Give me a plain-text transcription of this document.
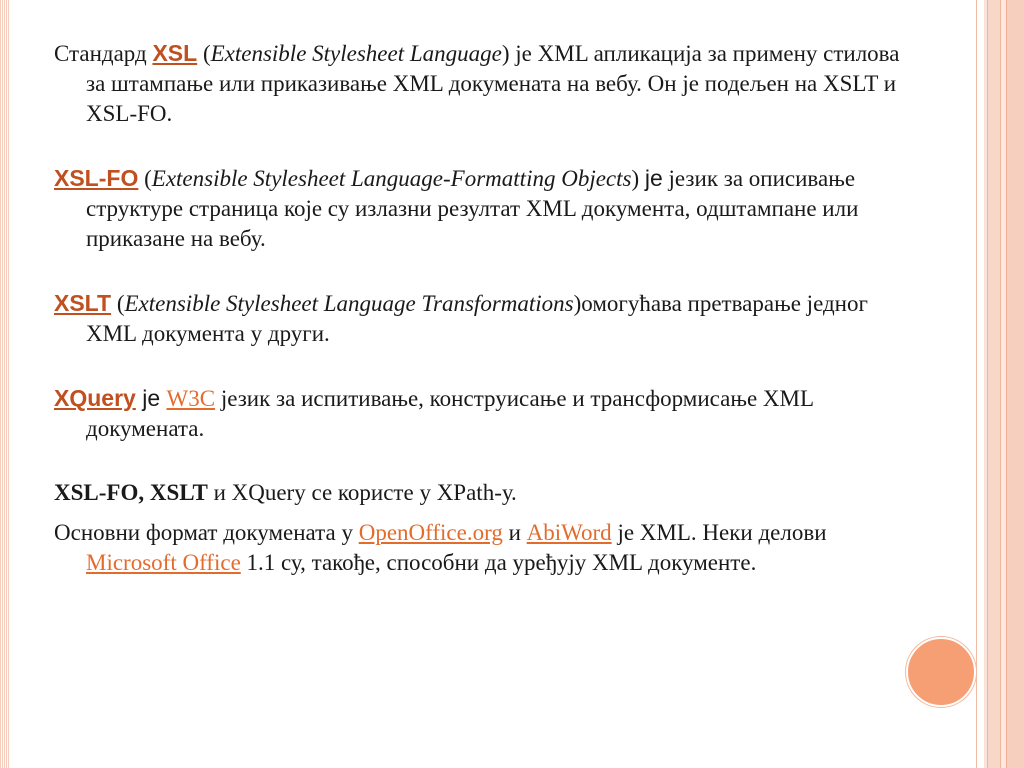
Стандард XSL (Extensible Stylesheet Language) је XML апликација за примену стилова за штампање или приказивање XML докумената на вебу. Он је подељен на XSLT и XSL-FO.

XSL-FO (Extensible Stylesheet Language-Formatting Objects) је језик за описивање структуре страница које су излазни резултат XML документа, одштампане или приказане на вебу.

XSLT (Extensible Stylesheet Language Transformations)омогућава претварање једног XML документа у други.

XQuery је W3C језик за испитивање, конструисање и трансформисање XML докумената.

XSL-FO, XSLT и XQuery се користе у XPath-у.

Основни формат докумената у OpenOffice.org и AbiWord је XML. Неки делови Microsoft Office 1.1 су, такође, способни да уређују XML документе.
